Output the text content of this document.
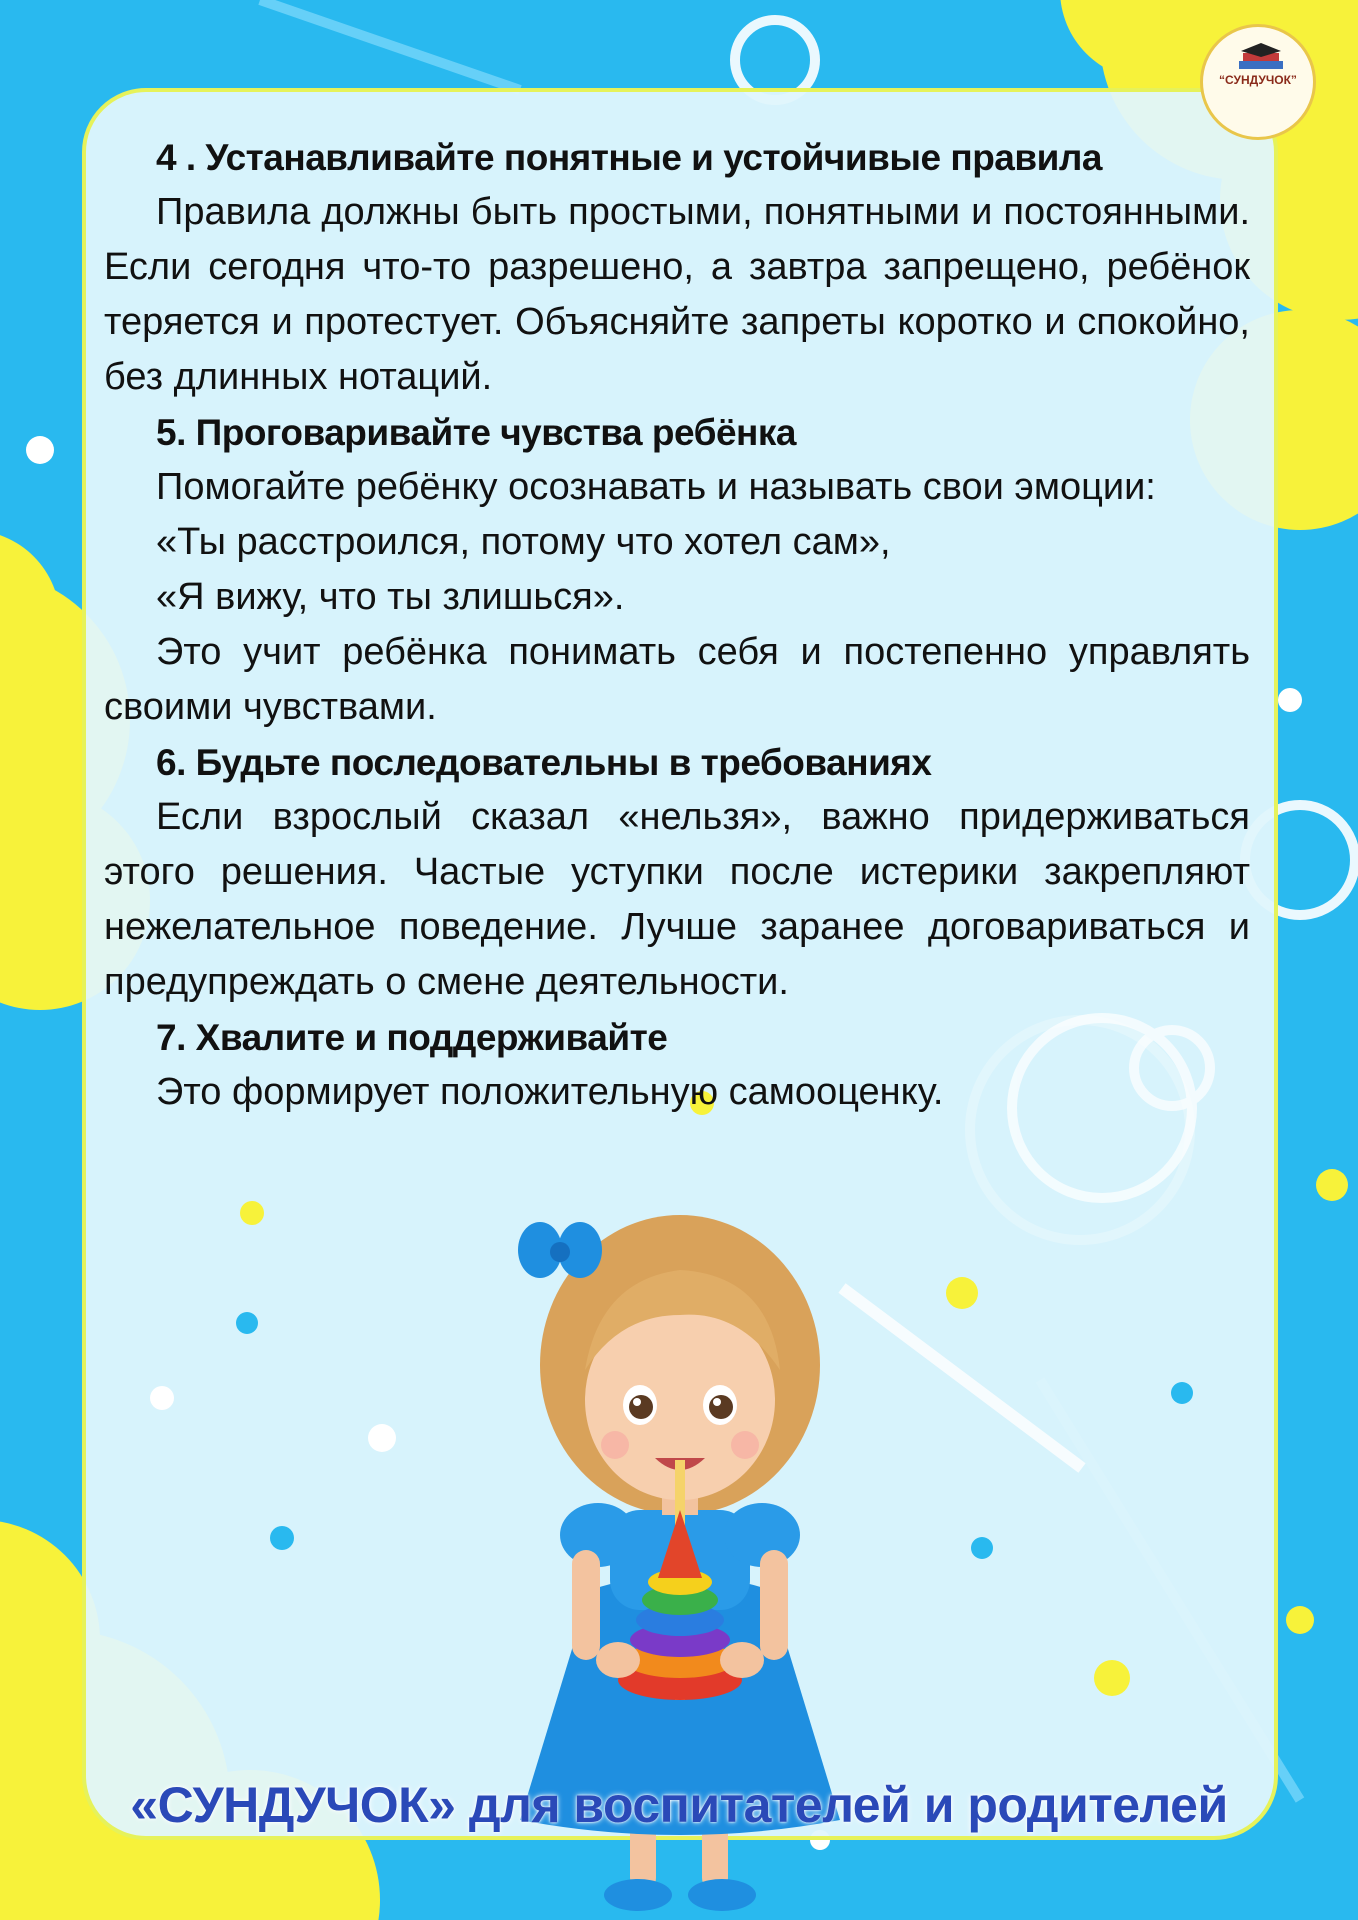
“СУНДУЧОК”
4 . Устанавливайте понятные и устойчивые правила

Правила должны быть простыми, понятными и постоянными. Если сегодня что-то разрешено, а завтра запрещено, ребёнок теряется и протестует. Объясняйте запреты коротко и спокойно, без длинных нотаций.

5. Проговаривайте чувства ребёнка

Помогайте ребёнку осознавать и называть свои эмоции:

«Ты расстроился, потому что хотел сам»,
«Я вижу, что ты злишься».

Это учит ребёнка понимать себя и постепенно управлять своими чувствами.

6. Будьте последовательны в требованиях

Если взрослый сказал «нельзя», важно придерживаться этого решения. Частые уступки после истерики закрепляют нежелательное поведение. Лучше заранее договариваться и предупреждать о смене деятельности.

7. Хвалите и поддерживайте

Это формирует положительную самооценку.

«СУНДУЧОК» для воспитателей и родителей
